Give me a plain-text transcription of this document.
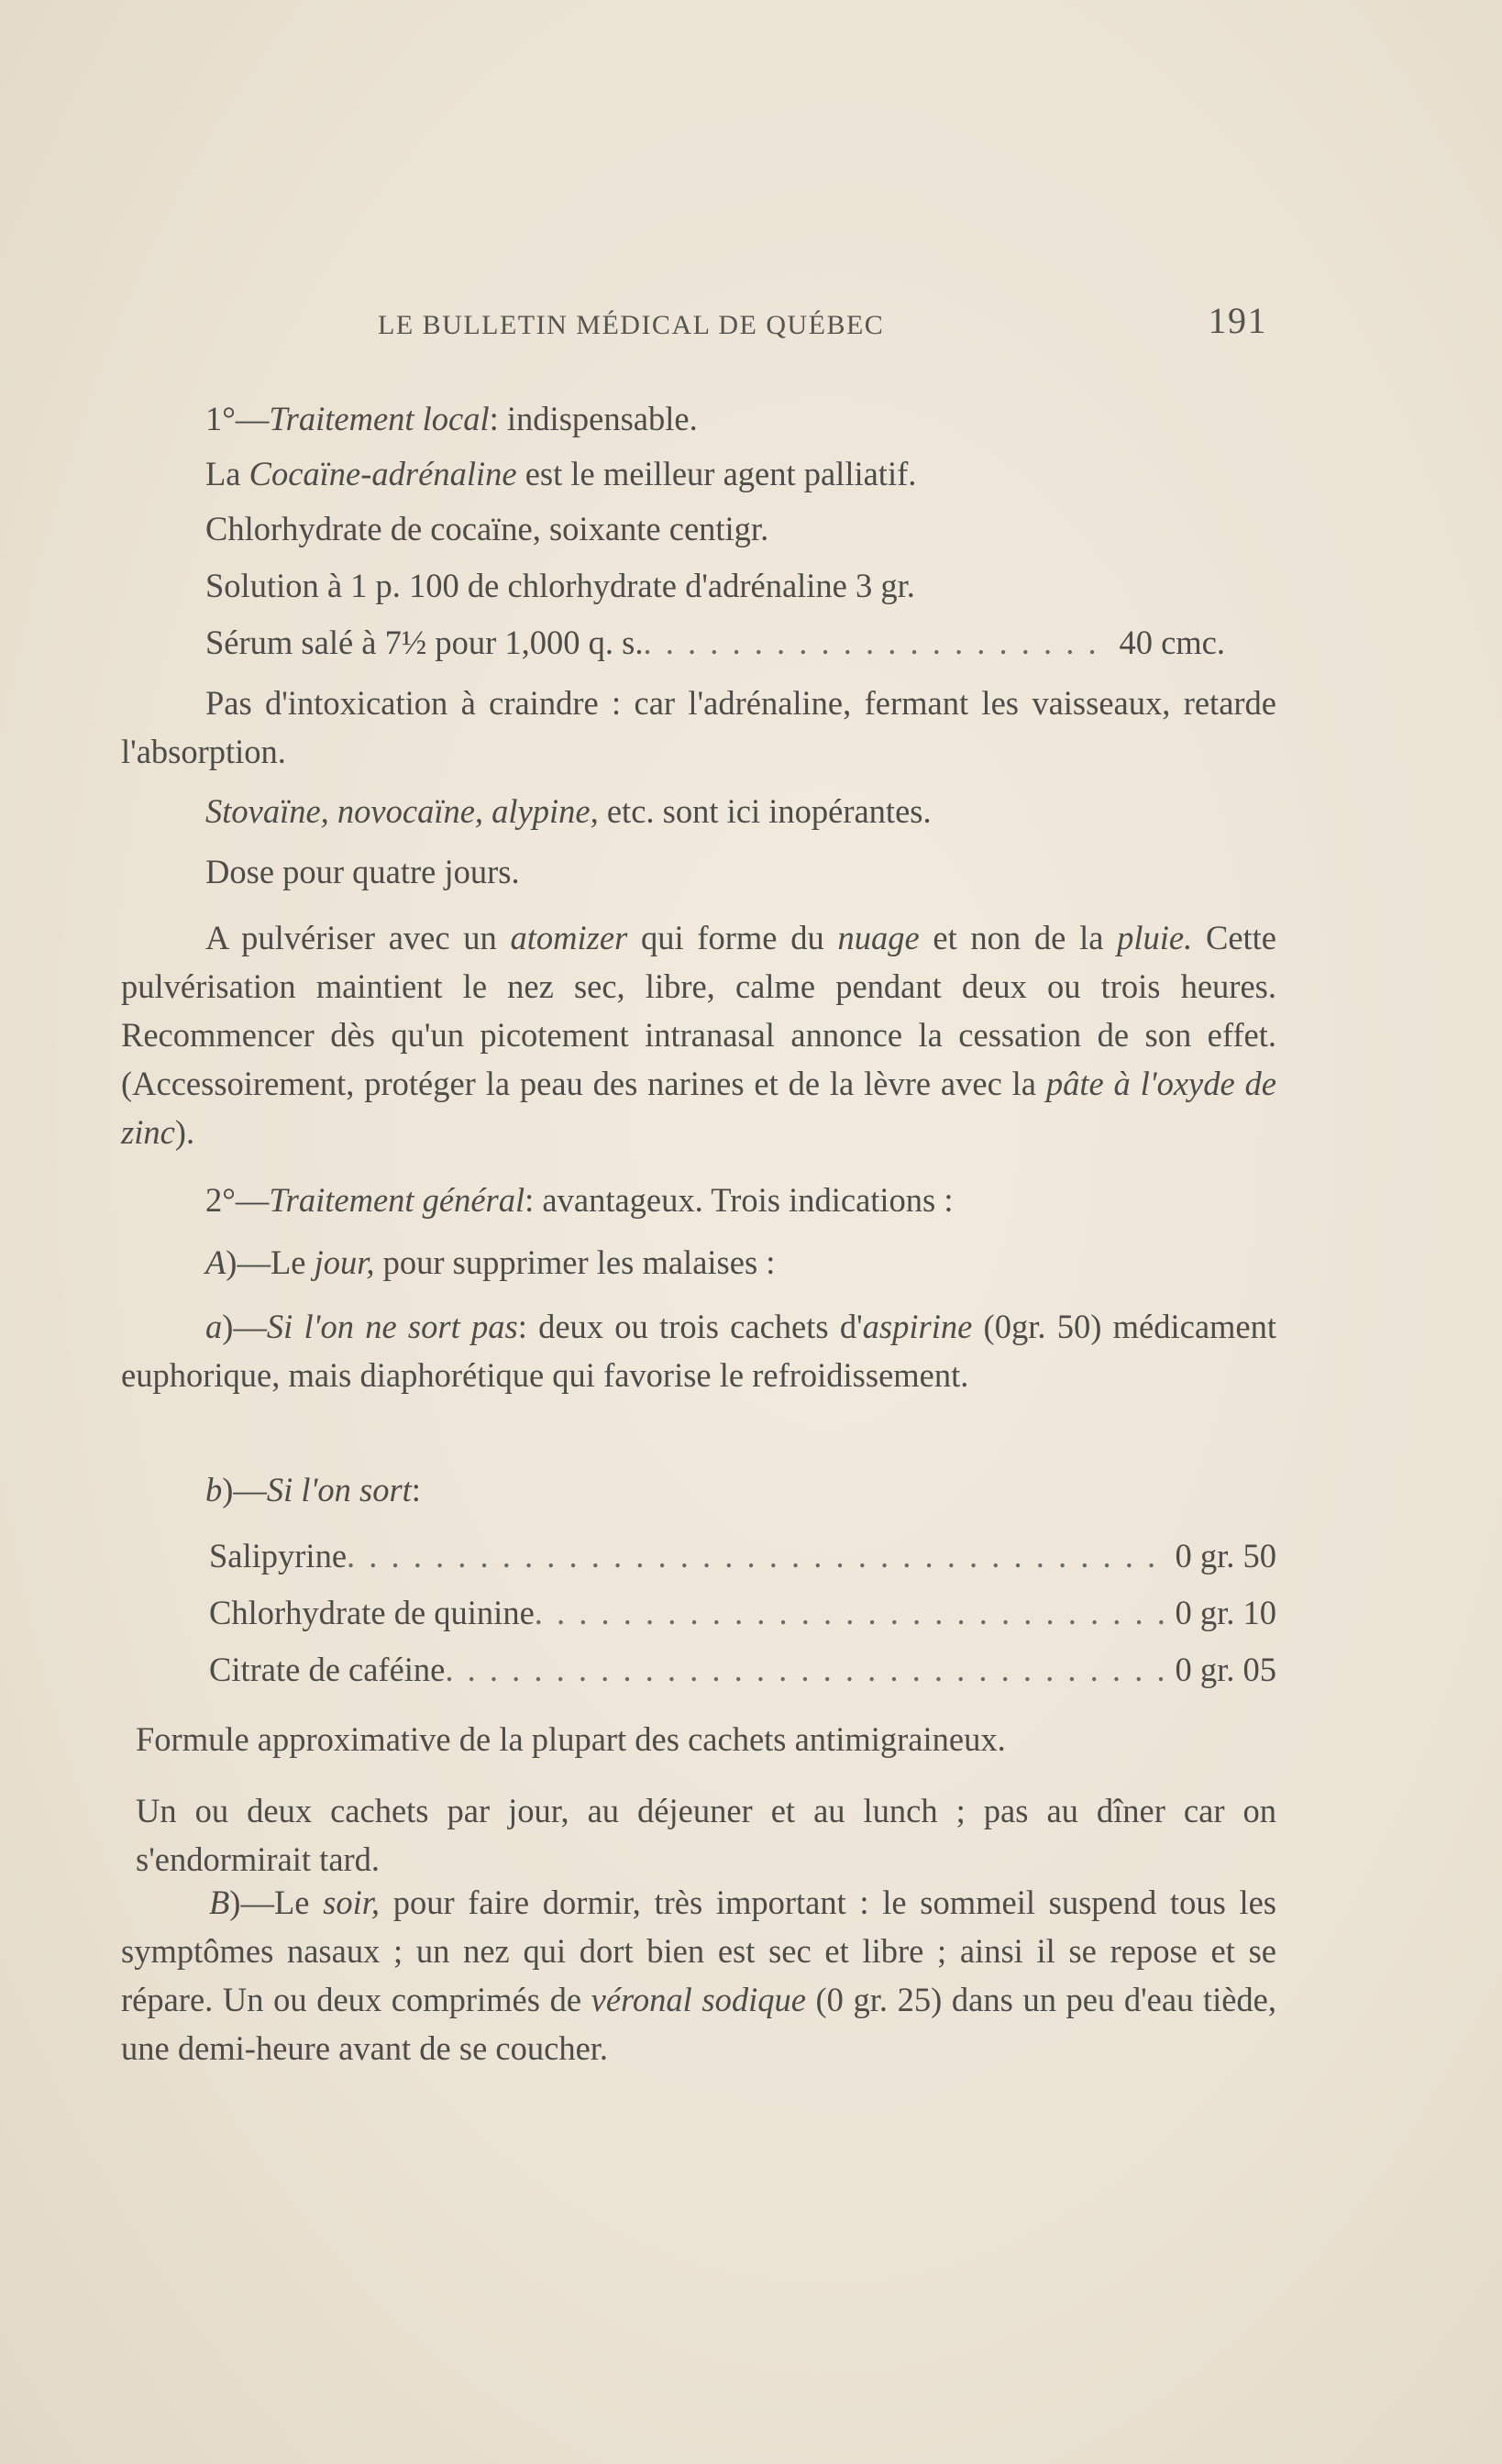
LE BULLETIN MÉDICAL DE QUÉBEC	191
1°—Traitement local: indispensable.
La Cocaïne-adrénaline est le meilleur agent palliatif.
Chlorhydrate de cocaïne, soixante centigr.
Solution à 1 p. 100 de chlorhydrate d'adrénaline 3 gr.
Sérum salé à 7½ pour 1,000 q. s. . . .	40 cmc.
Pas d'intoxication à craindre : car l'adrénaline, fermant les vaisseaux, retarde l'absorption.
Stovaïne, novocaïne, alypine, etc. sont ici inopérantes.
Dose pour quatre jours.
A pulvériser avec un atomizer qui forme du nuage et non de la pluie. Cette pulvérisation maintient le nez sec, libre, calme pendant deux ou trois heures. Recommencer dès qu'un picotement intranasal annonce la cessation de son effet. (Accessoirement, protéger la peau des narines et de la lèvre avec la pâte à l'oxyde de zinc).
2°—Traitement général: avantageux. Trois indications :
A)—Le jour, pour supprimer les malaises :
a)—Si l'on ne sort pas: deux ou trois cachets d'aspirine (0gr. 50) médicament euphorique, mais diaphorétique qui favorise le refroidissement.
b)—Si l'on sort:
Salipyrine . . .	0 gr. 50
Chlorhydrate de quinine . . .	0 gr. 10
Citrate de caféine . . .	0 gr. 05
Formule approximative de la plupart des cachets antimigraineux.
Un ou deux cachets par jour, au déjeuner et au lunch ; pas au dîner car on s'endormirait tard.
B)—Le soir, pour faire dormir, très important : le sommeil suspend tous les symptômes nasaux ; un nez qui dort bien est sec et libre ; ainsi il se repose et se répare. Un ou deux comprimés de véronal sodique (0 gr. 25) dans un peu d'eau tiède, une demi-heure avant de se coucher.
